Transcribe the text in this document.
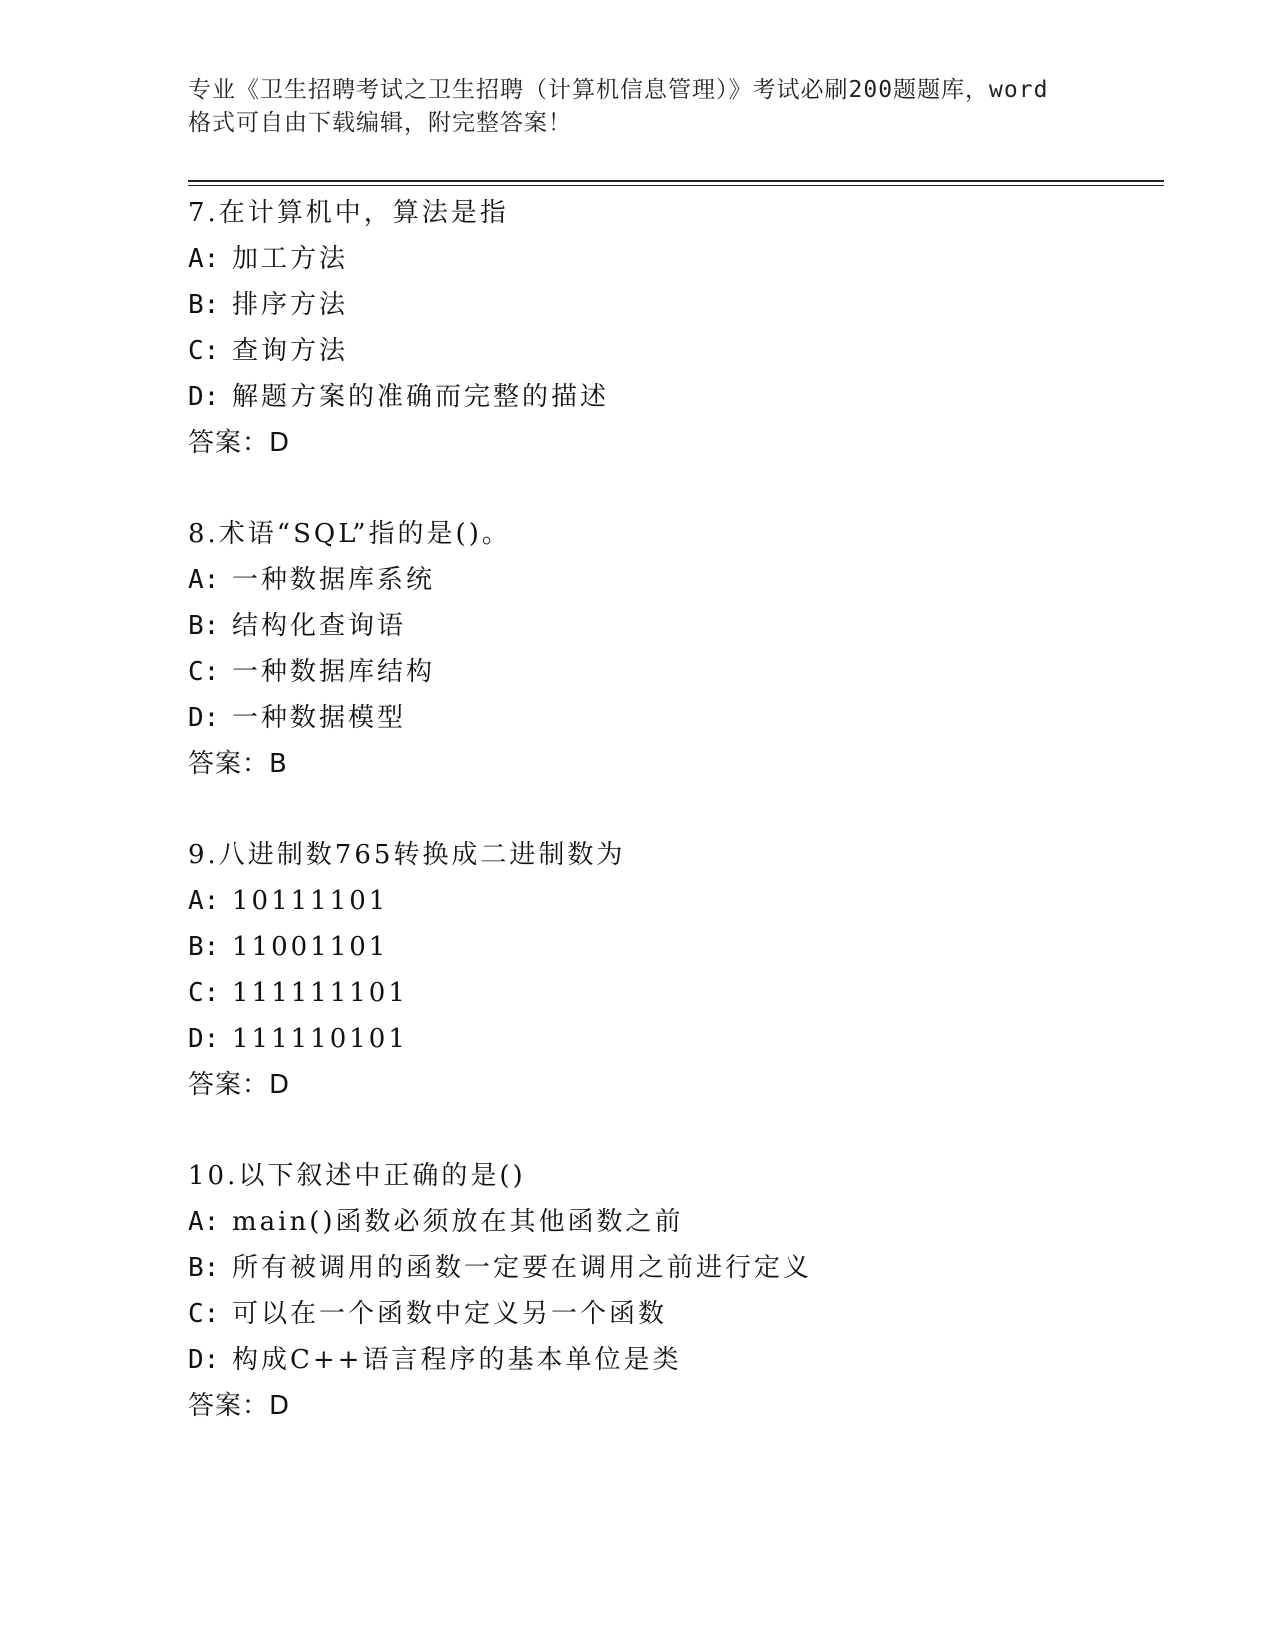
专业《卫生招聘考试之卫生招聘（计算机信息管理）》考试必刷200题题库，word
格式可自由下载编辑，附完整答案！
7.在计算机中，算法是指
A: 加工方法
B: 排序方法
C: 查询方法
D: 解题方案的准确而完整的描述
答案：D
8.术语“SQL”指的是()。
A: 一种数据库系统
B: 结构化查询语
C: 一种数据库结构
D: 一种数据模型
答案：B
9.八进制数765转换成二进制数为
A: 10111101
B: 11001101
C: 111111101
D: 111110101
答案：D
10.以下叙述中正确的是()
A: main()函数必须放在其他函数之前
B: 所有被调用的函数一定要在调用之前进行定义
C: 可以在一个函数中定义另一个函数
D: 构成C++语言程序的基本单位是类
答案：D
